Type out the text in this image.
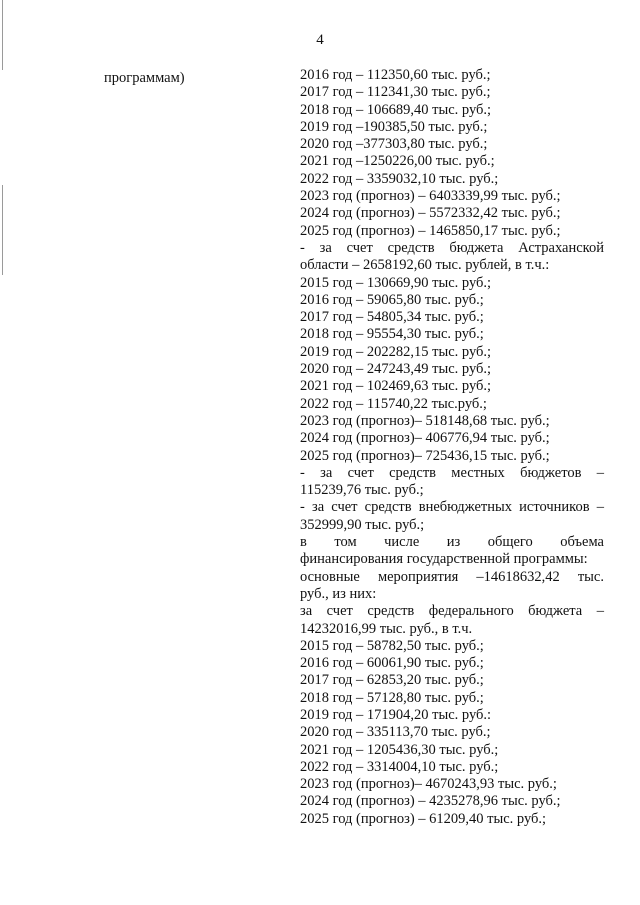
4
программам)	2016 год – 112350,60 тыс. руб.;
2017 год – 112341,30 тыс. руб.;
2018 год – 106689,40 тыс. руб.;
2019 год –190385,50 тыс. руб.;
2020 год –377303,80 тыс. руб.;
2021 год –1250226,00 тыс. руб.;
2022 год – 3359032,10 тыс. руб.;
2023 год (прогноз) – 6403339,99 тыс. руб.;
2024 год (прогноз) – 5572332,42 тыс. руб.;
2025 год (прогноз) – 1465850,17 тыс. руб.;
- за счет средств бюджета Астраханской
области – 2658192,60 тыс. рублей, в т.ч.:
2015 год – 130669,90 тыс. руб.;
2016 год – 59065,80 тыс. руб.;
2017 год – 54805,34 тыс. руб.;
2018 год – 95554,30 тыс. руб.;
2019 год – 202282,15 тыс. руб.;
2020 год – 247243,49 тыс. руб.;
2021 год – 102469,63 тыс. руб.;
2022 год – 115740,22 тыс.руб.;
2023 год (прогноз)– 518148,68 тыс. руб.;
2024 год (прогноз)– 406776,94 тыс. руб.;
2025 год (прогноз)– 725436,15 тыс. руб.;
- за счет средств местных бюджетов –
115239,76 тыс. руб.;
- за счет средств внебюджетных источников –
352999,90 тыс. руб.;
в том числе из общего объема
финансирования государственной программы:
основные мероприятия –14618632,42 тыс.
руб., из них:
за счет средств федерального бюджета –
14232016,99 тыс. руб., в т.ч.
2015 год – 58782,50 тыс. руб.;
2016 год – 60061,90 тыс. руб.;
2017 год – 62853,20 тыс. руб.;
2018 год – 57128,80 тыс. руб.;
2019 год – 171904,20 тыс. руб.:
2020 год – 335113,70 тыс. руб.;
2021 год – 1205436,30 тыс. руб.;
2022 год – 3314004,10 тыс. руб.;
2023 год (прогноз)– 4670243,93 тыс. руб.;
2024 год (прогноз) – 4235278,96 тыс. руб.;
2025 год (прогноз) – 61209,40 тыс. руб.;
